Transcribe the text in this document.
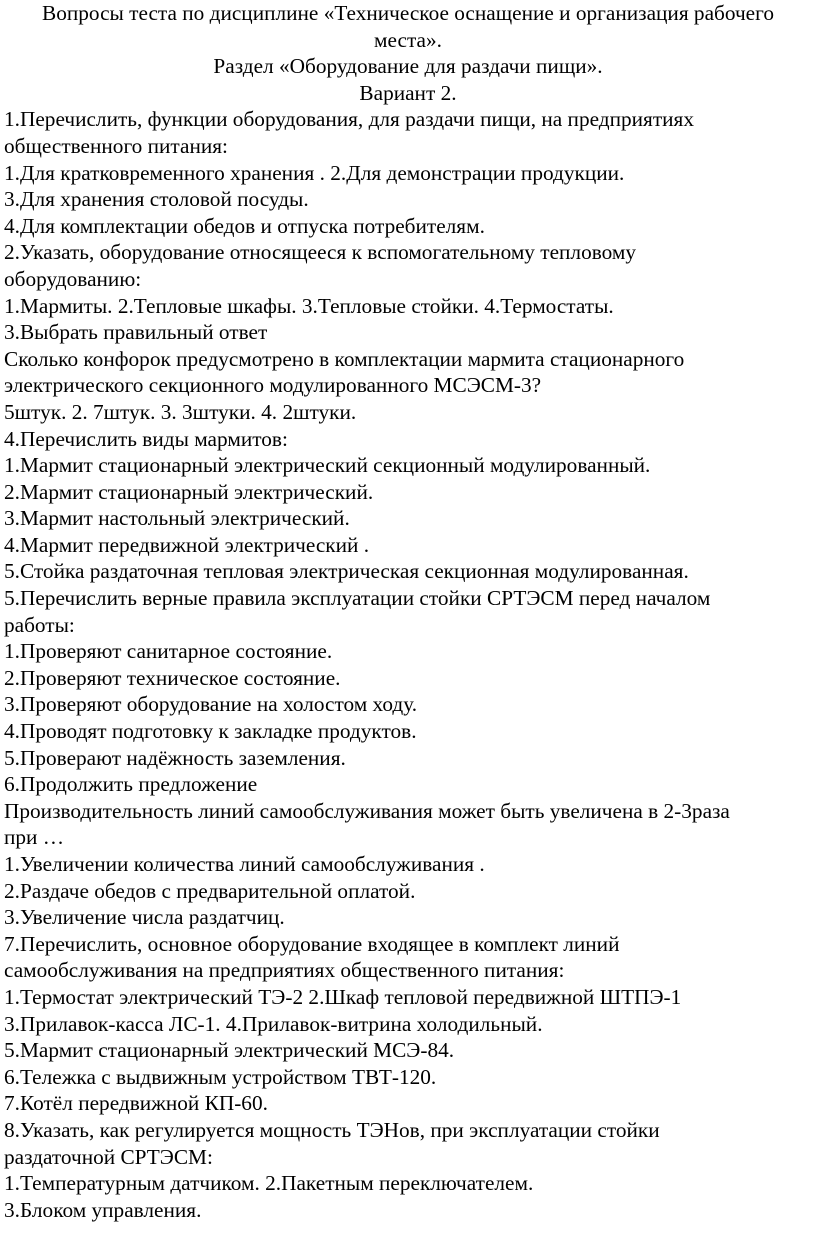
Вопросы теста по дисциплине «Техническое оснащение и организация рабочего
места».
Раздел «Оборудование для раздачи пищи».
Вариант 2.
1.Перечислить, функции оборудования, для раздачи пищи, на предприятиях
общественного питания:
1.Для кратковременного хранения . 2.Для демонстрации продукции.
3.Для хранения столовой посуды.
4.Для комплектации обедов и отпуска потребителям.
2.Указать, оборудование относящееся к вспомогательному тепловому
оборудованию:
1.Мармиты. 2.Тепловые шкафы. 3.Тепловые стойки. 4.Термостаты.
3.Выбрать правильный ответ
Сколько конфорок предусмотрено в комплектации мармита стационарного
электрического секционного модулированного МСЭСМ-3?
5штук. 2. 7штук. 3. 3штуки. 4. 2штуки.
4.Перечислить виды мармитов:
1.Мармит стационарный электрический секционный модулированный.
2.Мармит стационарный электрический.
3.Мармит настольный электрический.
4.Мармит передвижной электрический .
5.Стойка раздаточная тепловая электрическая секционная модулированная.
5.Перечислить верные правила эксплуатации стойки СРТЭСМ перед началом
работы:
1.Проверяют санитарное состояние.
2.Проверяют техническое состояние.
3.Проверяют оборудование на холостом ходу.
4.Проводят подготовку к закладке продуктов.
5.Проверают надёжность заземления.
6.Продолжить предложение
Производительность линий самообслуживания может быть увеличена в 2-3раза
при …
1.Увеличении количества линий самообслуживания .
2.Раздаче обедов с предварительной оплатой.
3.Увеличение числа раздатчиц.
7.Перечислить, основное оборудование входящее в комплект линий
самообслуживания на предприятиях общественного питания:
1.Термостат электрический ТЭ-2 2.Шкаф тепловой передвижной ШТПЭ-1
3.Прилавок-касса ЛС-1. 4.Прилавок-витрина холодильный.
5.Мармит стационарный электрический МСЭ-84.
6.Тележка с выдвижным устройством ТВТ-120.
7.Котёл передвижной КП-60.
8.Указать, как регулируется мощность ТЭНов, при эксплуатации стойки
раздаточной СРТЭСМ:
1.Температурным датчиком. 2.Пакетным переключателем.
3.Блоком управления.
